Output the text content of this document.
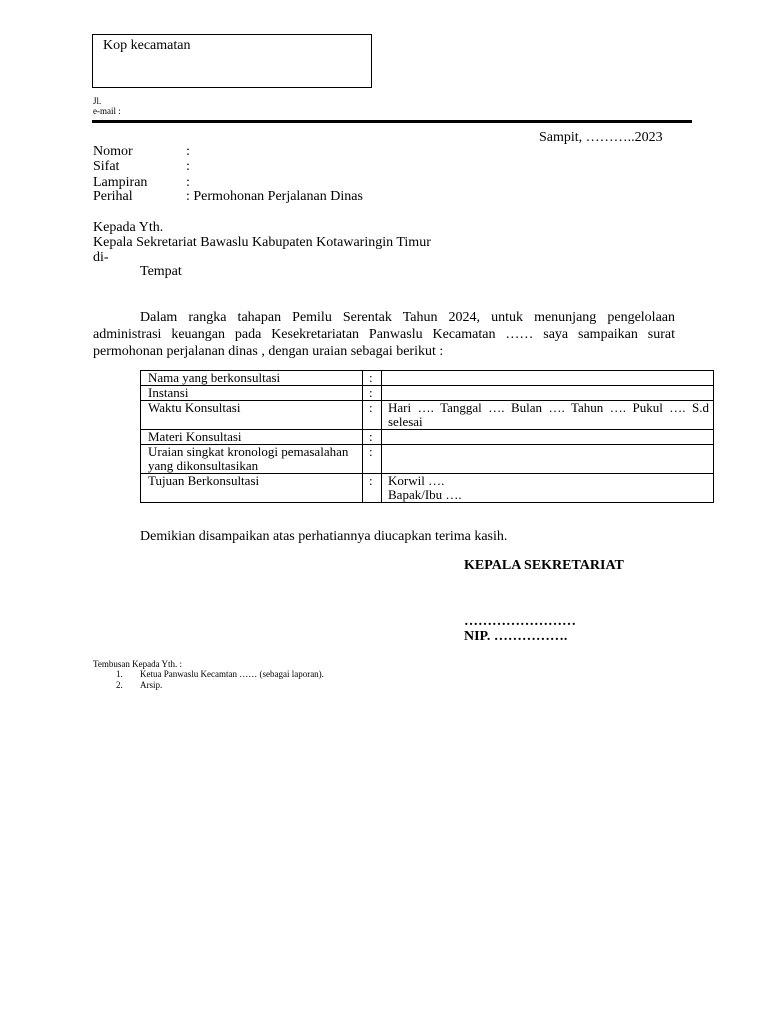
Kop kecamatan
Jl.
e-mail :
Sampit, ………..2023
Nomor	:
Sifat	:
Lampiran	:
Perihal	: Permohonan Perjalanan Dinas
Kepada Yth.
Kepala Sekretariat Bawaslu Kabupaten Kotawaringin Timur
di-
Tempat
Dalam rangka tahapan Pemilu Serentak Tahun 2024, untuk menunjang pengelolaan administrasi keuangan pada Kesekretariatan Panwaslu Kecamatan …… saya sampaikan surat permohonan perjalanan dinas , dengan uraian sebagai berikut :
Nama yang berkonsultasi	:	
Instansi	:	
Waktu Konsultasi	:	Hari …. Tanggal …. Bulan …. Tahun …. Pukul …. S.d selesai
Materi Konsultasi	:	
Uraian singkat kronologi pemasalahan yang dikonsultasikan	:	
Tujuan Berkonsultasi	:	Korwil ….
Bapak/Ibu ….
Demikian disampaikan atas perhatiannya diucapkan terima kasih.
KEPALA SEKRETARIAT
……………………
NIP. …………….
Tembusan Kepada Yth. :
1. Ketua Panwaslu Kecamtan …… (sebagai laporan).
2. Arsip.
